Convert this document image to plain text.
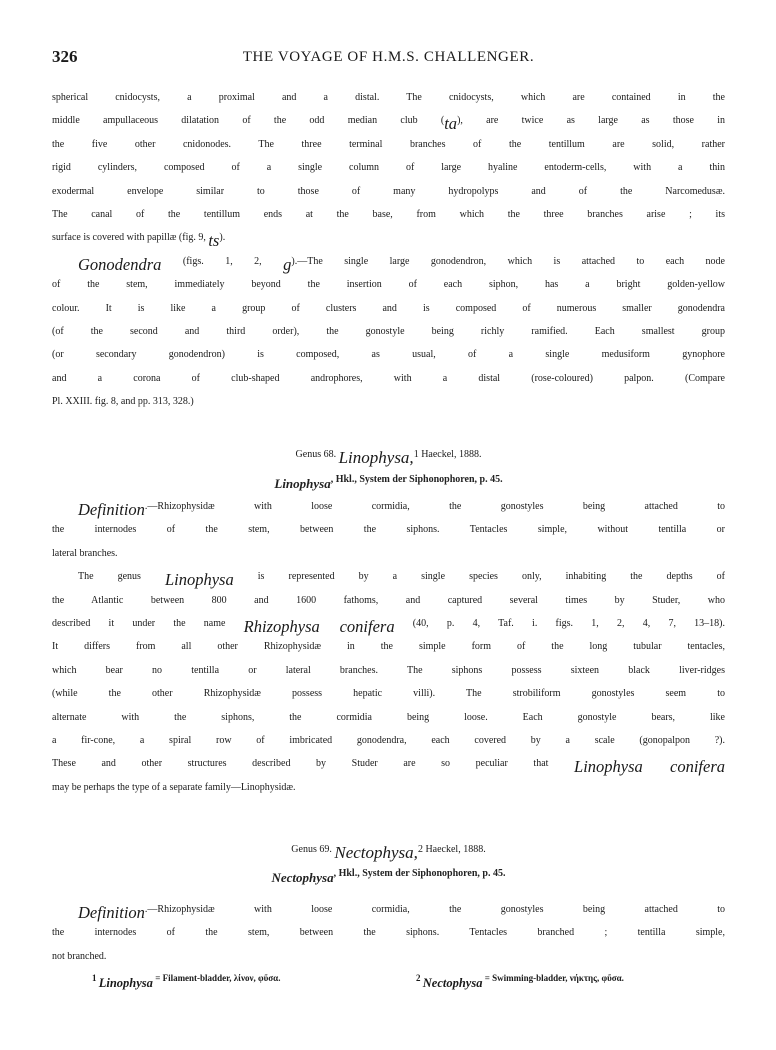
326	THE VOYAGE OF H.M.S. CHALLENGER.
$^{spherical cnidocysts, a proximal and a distal. The cnidocysts, which are contained in the}$
$^{middle ampullaceous dilatation of the odd median club (}ta^{), are twice as large as those in}$
$^{the five other cnidonodes. The three terminal branches of the tentillum are solid, rather}$
$^{rigid cylinders, composed of a single column of large hyaline entoderm-cells, with a thin}$
$^{exodermal envelope similar to those of many hydropolyps and of the Narcomedusæ.}$
$^{The canal of the tentillum ends at the base, from which the three branches arise ; its}$
$^{surface is covered with papillæ (fig. 9,}$ ts).
Gonodendra $^{(figs. 1, 2,}$ $g^{).—The single large gonodendron, which is attached to each node}$
$^{of the stem, immediately beyond the insertion of each siphon, has a bright golden-yellow}$
$^{colour. It is like a group of clusters and is composed of numerous smaller gonodendra}$
$^{(of the second and third order), the gonostyle being richly ramified. Each smallest group}$
$^{(or secondary gonodendron) is composed, as usual, of a single medusiform gynophore}$
$^{and a corona of club-shaped androphores, with a distal (rose-coloured) palpon. (Compare}$
$^{Pl. XXIII. fig. 8, and pp. 313, 328.)}$
$^{Genus 68.}$ Linophysa,$^1$ $^{Haeckel, 1888.}$
Linophysa$^{, Hkl., System der Siphonophoren, p. 45.}$
Definition$^{.—Rhizophysidæ with loose cormidia, the gonostyles being attached to}$
$^{the internodes of the stem, between the siphons. Tentacles simple, without tentilla or}$
$^{lateral branches.}$
$^{The genus}$ Linophysa $^{is represented by a single species only, inhabiting the depths of}$
$^{the Atlantic between 800 and 1600 fathoms, and captured several times by Studer, who}$
$^{described it under the name}$ Rhizophysa conifera $^{(40, p. 4, Taf. i. figs. 1, 2, 4, 7, 13-18).}$
$^{It differs from all other Rhizophysidæ in the simple form of the long tubular tentacles,}$
$^{which bear no tentilla or lateral branches. The siphons possess sixteen black liver-ridges}$
$^{(while the other Rhizophysidæ possess hepatic villi). The strobiliform gonostyles seem to}$
$^{alternate with the siphons, the cormidia being loose. Each gonostyle bears, like}$
$^{a fir-cone, a spiral row of imbricated gonodendra, each covered by a scale (gonopalpon ?).}$
$^{These and other structures described by Studer are so peculiar that}$ Linophysa conifera
$^{may be perhaps the type of a separate family—Linophysidæ.}$
$^{Genus 69.}$ Nectophysa,$^2$ $^{Haeckel, 1888.}$
Nectophysa$^{, Hkl., System der Siphonophoren, p. 45.}$
Definition$^{.—Rhizophysidæ with loose cormidia, the gonostyles being attached to}$
$^{the internodes of the stem, between the siphons. Tentacles branched ; tentilla simple,}$
$^{not branched.}$
$^1$ Linophysa $^{= Filament-bladder, \lambda ί\nu o\nu, \varphi ῦ\sigma\alpha.}$	$^2$ Nectophysa $^{= Swimming-bladder, \nu ή\kappa\tau\eta\varsigma, \varphi ῦ\sigma\alpha.}$
